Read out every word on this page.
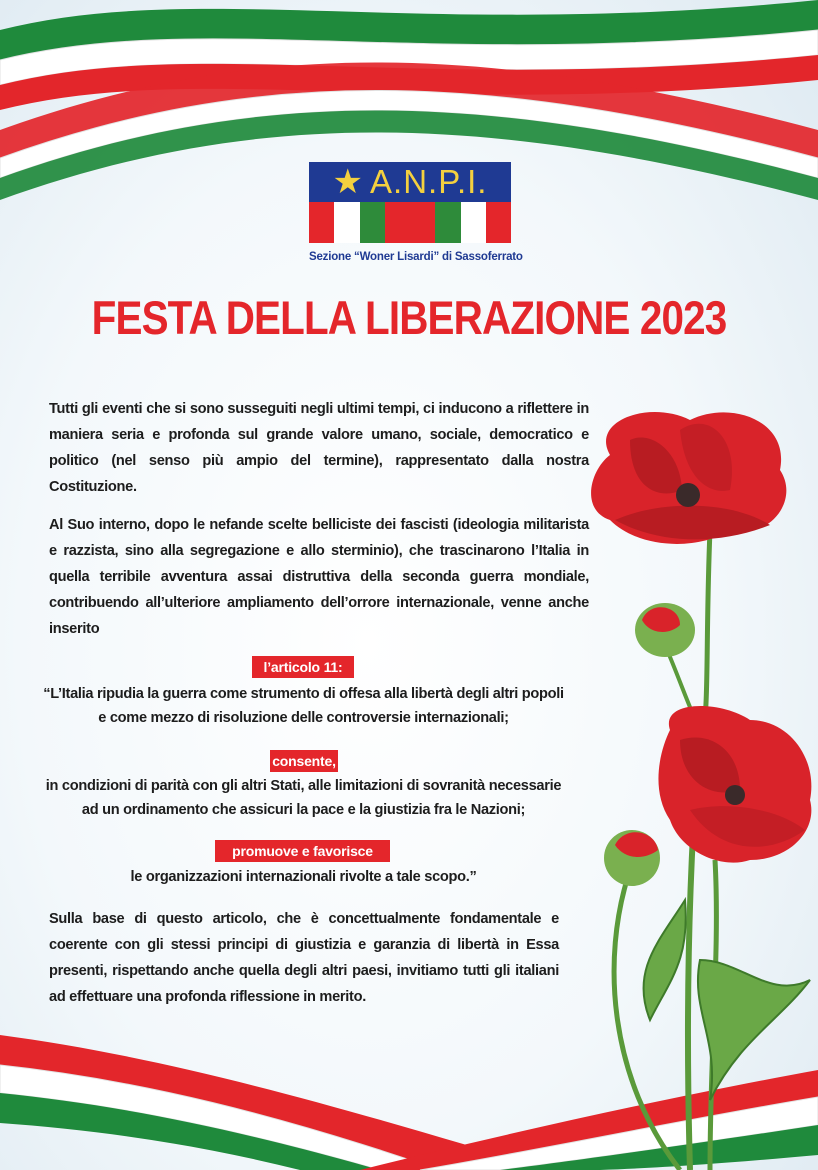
★ A.N.P.I.
Sezione “Woner Lisardi” di Sassoferrato
FESTA DELLA LIBERAZIONE 2023
Tutti gli eventi che si sono susseguiti negli ultimi tempi, ci inducono a riflettere in maniera seria e profonda sul grande valore umano, sociale, democratico e politico (nel senso più ampio del termine), rappresentato dalla nostra Costituzione.
Al Suo interno, dopo le nefande scelte belliciste dei fascisti (ideologia militarista e razzista, sino alla segregazione e allo sterminio), che trascinarono l’Italia in quella terribile avventura assai distruttiva della seconda guerra mondiale, contribuendo all’ulteriore ampliamento dell’orrore internazionale, venne anche inserito
l’articolo 11:
“L’Italia ripudia la guerra come strumento di offesa alla libertà degli altri popoli e come mezzo di risoluzione delle controversie internazionali;
consente,
in condizioni di parità con gli altri Stati, alle limitazioni di sovranità necessarie ad un ordinamento che assicuri la pace e la giustizia fra le Nazioni;
promuove e favorisce
le organizzazioni internazionali rivolte a tale scopo.”
Sulla base di questo articolo, che è concettualmente fondamentale e coerente con gli stessi principi di giustizia e garanzia di libertà in Essa presenti, rispettando anche quella degli altri paesi, invitiamo tutti gli italiani ad effettuare una profonda riflessione in merito.
